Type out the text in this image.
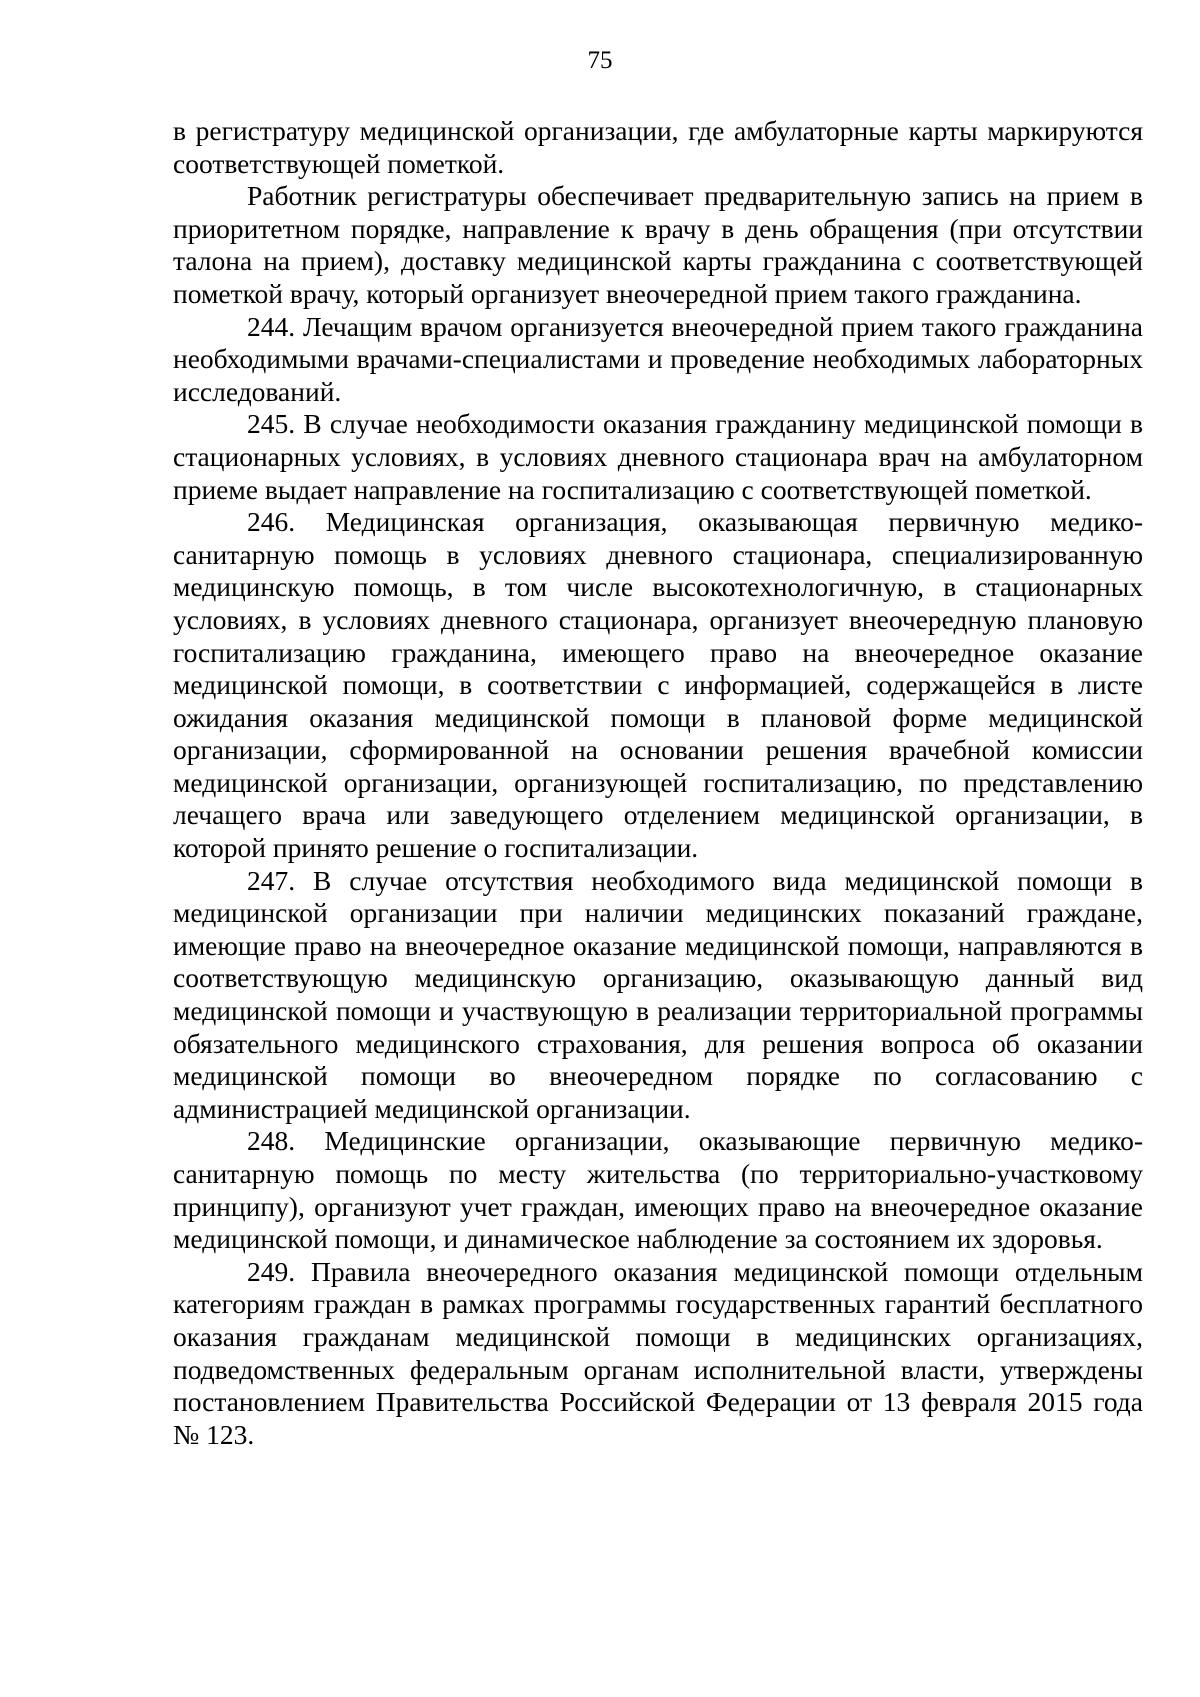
75

в регистратуру медицинской организации, где амбулаторные карты маркируются соответствующей пометкой.

Работник регистратуры обеспечивает предварительную запись на прием в приоритетном порядке, направление к врачу в день обращения (при отсутствии талона на прием), доставку медицинской карты гражданина с соответствующей пометкой врачу, который организует внеочередной прием такого гражданина.

244. Лечащим врачом организуется внеочередной прием такого гражданина необходимыми врачами-специалистами и проведение необходимых лабораторных исследований.

245. В случае необходимости оказания гражданину медицинской помощи в стационарных условиях, в условиях дневного стационара врач на амбулаторном приеме выдает направление на госпитализацию с соответствующей пометкой.

246. Медицинская организация, оказывающая первичную медико-санитарную помощь в условиях дневного стационара, специализированную медицинскую помощь, в том числе высокотехнологичную, в стационарных условиях, в условиях дневного стационара, организует внеочередную плановую госпитализацию гражданина, имеющего право на внеочередное оказание медицинской помощи, в соответствии с информацией, содержащейся в листе ожидания оказания медицинской помощи в плановой форме медицинской организации, сформированной на основании решения врачебной комиссии медицинской организации, организующей госпитализацию, по представлению лечащего врача или заведующего отделением медицинской организации, в которой принято решение о госпитализации.

247. В случае отсутствия необходимого вида медицинской помощи в медицинской организации при наличии медицинских показаний граждане, имеющие право на внеочередное оказание медицинской помощи, направляются в соответствующую медицинскую организацию, оказывающую данный вид медицинской помощи и участвующую в реализации территориальной программы обязательного медицинского страхования, для решения вопроса об оказании медицинской помощи во внеочередном порядке по согласованию с администрацией медицинской организации.

248. Медицинские организации, оказывающие первичную медико-санитарную помощь по месту жительства (по территориально-участковому принципу), организуют учет граждан, имеющих право на внеочередное оказание медицинской помощи, и динамическое наблюдение за состоянием их здоровья.

249. Правила внеочередного оказания медицинской помощи отдельным категориям граждан в рамках программы государственных гарантий бесплатного оказания гражданам медицинской помощи в медицинских организациях, подведомственных федеральным органам исполнительной власти, утверждены постановлением Правительства Российской Федерации от 13 февраля 2015 года № 123.
